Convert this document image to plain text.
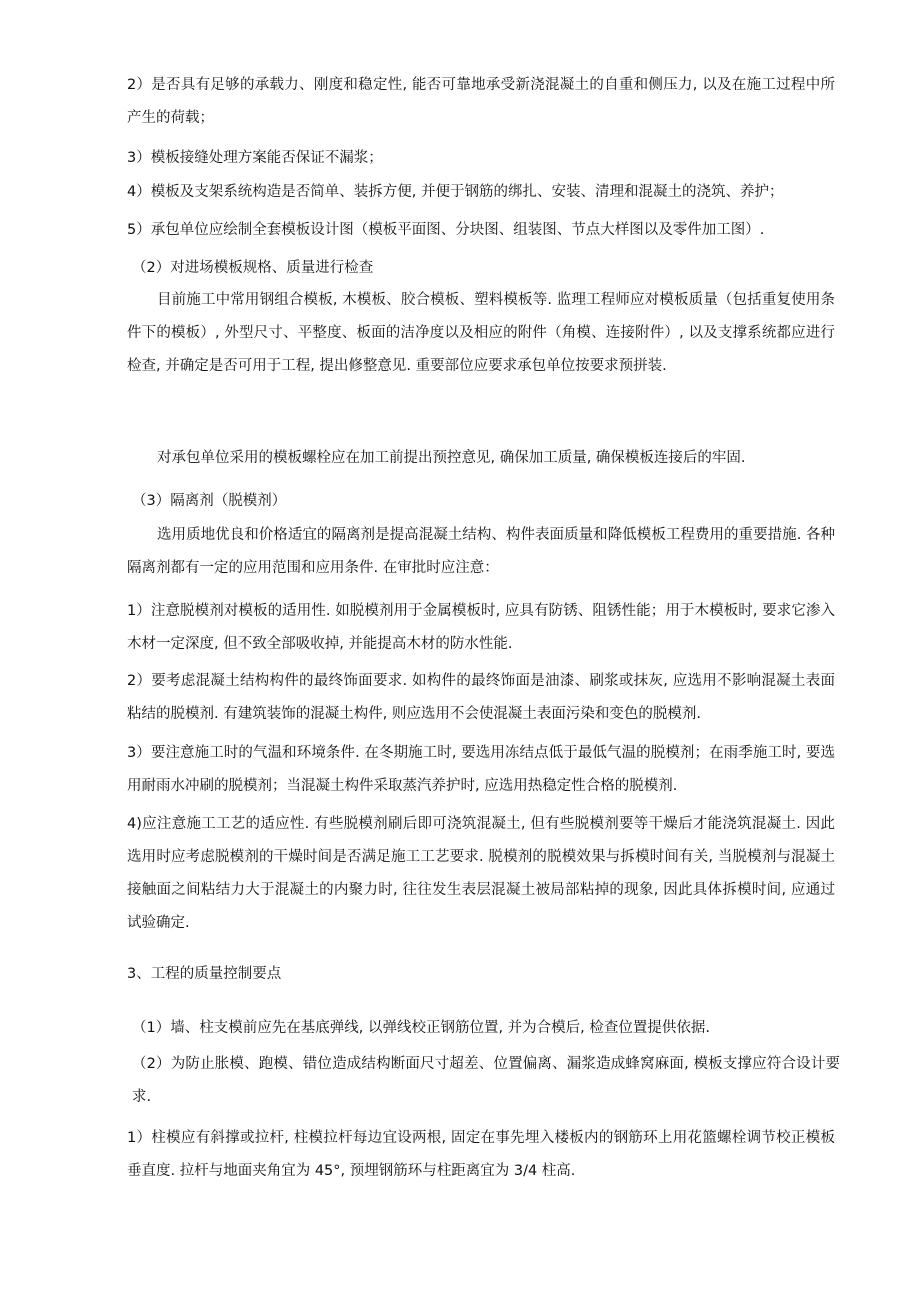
2）是否具有足够的承载力、刚度和稳定性, 能否可靠地承受新浇混凝土的自重和侧压力, 以及在施工过程中所产生的荷载；

3）模板接缝处理方案能否保证不漏浆；

4）模板及支架系统构造是否简单、装拆方便, 并便于钢筋的绑扎、安装、清理和混凝土的浇筑、养护；

5）承包单位应绘制全套模板设计图（模板平面图、分块图、组装图、节点大样图以及零件加工图）.

（2）对进场模板规格、质量进行检查

目前施工中常用钢组合模板, 木模板、胶合模板、塑料模板等. 监理工程师应对模板质量（包括重复使用条件下的模板）, 外型尺寸、平整度、板面的洁净度以及相应的附件（角模、连接附件）, 以及支撑系统都应进行检查, 并确定是否可用于工程, 提出修整意见. 重要部位应要求承包单位按要求预拼装.

对承包单位采用的模板螺栓应在加工前提出预控意见, 确保加工质量, 确保模板连接后的牢固.

（3）隔离剂（脱模剂）

选用质地优良和价格适宜的隔离剂是提高混凝土结构、构件表面质量和降低模板工程费用的重要措施. 各种隔离剂都有一定的应用范围和应用条件. 在审批时应注意：

1）注意脱模剂对模板的适用性. 如脱模剂用于金属模板时, 应具有防锈、阻锈性能；用于木模板时, 要求它渗入木材一定深度, 但不致全部吸收掉, 并能提高木材的防水性能.

2）要考虑混凝土结构构件的最终饰面要求. 如构件的最终饰面是油漆、刷浆或抹灰, 应选用不影响混凝土表面粘结的脱模剂. 有建筑装饰的混凝土构件, 则应选用不会使混凝土表面污染和变色的脱模剂.

3）要注意施工时的气温和环境条件. 在冬期施工时, 要选用冻结点低于最低气温的脱模剂；在雨季施工时, 要选用耐雨水冲刷的脱模剂；当混凝土构件采取蒸汽养护时, 应选用热稳定性合格的脱模剂.

4)应注意施工工艺的适应性. 有些脱模剂刷后即可浇筑混凝土, 但有些脱模剂要等干燥后才能浇筑混凝土. 因此选用时应考虑脱模剂的干燥时间是否满足施工工艺要求. 脱模剂的脱模效果与拆模时间有关, 当脱模剂与混凝土接触面之间粘结力大于混凝土的内聚力时, 往往发生表层混凝土被局部粘掉的现象, 因此具体拆模时间, 应通过试验确定.

3、工程的质量控制要点

（1）墙、柱支模前应先在基底弹线, 以弹线校正钢筋位置, 并为合模后, 检查位置提供依据.

（2）为防止胀模、跑模、错位造成结构断面尺寸超差、位置偏离、漏浆造成蜂窝麻面, 模板支撑应符合设计要求.

1）柱模应有斜撑或拉杆, 柱模拉杆每边宜设两根, 固定在事先埋入楼板内的钢筋环上用花篮螺栓调节校正模板垂直度. 拉杆与地面夹角宜为 45°, 预埋钢筋环与柱距离宜为 3/4 柱高.
